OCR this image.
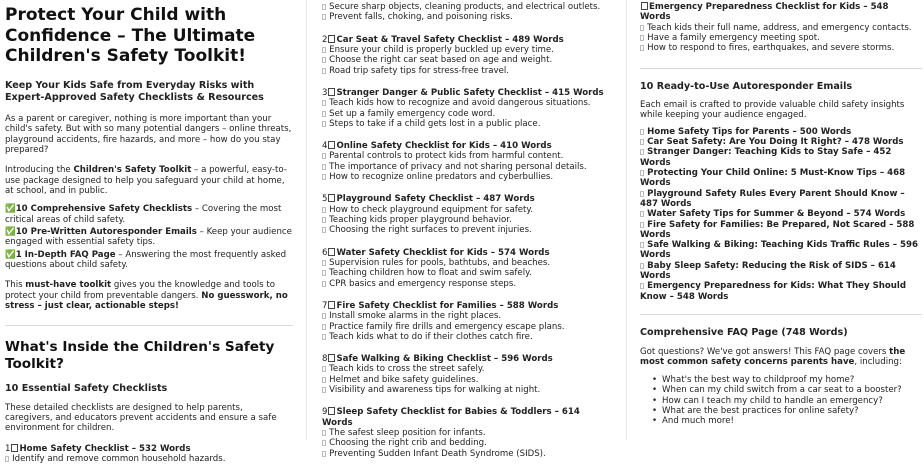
Protect Your Child with Confidence – The Ultimate Children's Safety Toolkit!
Keep Your Kids Safe from Everyday Risks with Expert-Approved Safety Checklists & Resources

As a parent or caregiver, nothing is more important than your child's safety. But with so many potential dangers – online threats, playground accidents, fire hazards, and more – how do you stay prepared?

Introducing the Children's Safety Toolkit – a powerful, easy-to-use package designed to help you safeguard your child at home, at school, and in public.

✅10 Comprehensive Safety Checklists – Covering the most critical areas of child safety.
✅10 Pre-Written Autoresponder Emails – Keep your audience engaged with essential safety tips.
✅1 In-Depth FAQ Page – Answering the most frequently asked questions about child safety.

This must-have toolkit gives you the knowledge and tools to protect your child from preventable dangers. No guesswork, no stress – just clear, actionable steps!

What's Inside the Children's Safety Toolkit?
10 Essential Safety Checklists

These detailed checklists are designed to help parents, caregivers, and educators prevent accidents and ensure a safe environment for children.

1 Home Safety Checklist – 532 Words
▯ Identify and remove common household hazards.
▯ Secure sharp objects, cleaning products, and electrical outlets.
▯ Prevent falls, choking, and poisoning risks.
2 Car Seat & Travel Safety Checklist – 489 Words
▯ Ensure your child is properly buckled up every time.
▯ Choose the right car seat based on age and weight.
▯ Road trip safety tips for stress-free travel.
3 Stranger Danger & Public Safety Checklist – 415 Words
▯ Teach kids how to recognize and avoid dangerous situations.
▯ Set up a family emergency code word.
▯ Steps to take if a child gets lost in a public place.
4 Online Safety Checklist for Kids – 410 Words
▯ Parental controls to protect kids from harmful content.
▯ The importance of privacy and not sharing personal details.
▯ How to recognize online predators and cyberbullies.
5 Playground Safety Checklist – 487 Words
▯ How to check playground equipment for safety.
▯ Teaching kids proper playground behavior.
▯ Choosing the right surfaces to prevent injuries.
6 Water Safety Checklist for Kids – 574 Words
▯ Supervision rules for pools, bathtubs, and beaches.
▯ Teaching children how to float and swim safely.
▯ CPR basics and emergency response steps.
7 Fire Safety Checklist for Families – 588 Words
▯ Install smoke alarms in the right places.
▯ Practice family fire drills and emergency escape plans.
▯ Teach kids what to do if their clothes catch fire.
8 Safe Walking & Biking Checklist – 596 Words
▯ Teach kids to cross the street safely.
▯ Helmet and bike safety guidelines.
▯ Visibility and awareness tips for walking at night.
9 Sleep Safety Checklist for Babies & Toddlers – 614 Words
▯ The safest sleep position for infants.
▯ Choosing the right crib and bedding.
▯ Preventing Sudden Infant Death Syndrome (SIDS).
Emergency Preparedness Checklist for Kids – 548 Words
▯ Teach kids their full name, address, and emergency contacts.
▯ Have a family emergency meeting spot.
▯ How to respond to fires, earthquakes, and severe storms.
10 Ready-to-Use Autoresponder Emails

Each email is crafted to provide valuable child safety insights while keeping your audience engaged.

▯ Home Safety Tips for Parents – 500 Words
▯ Car Seat Safety: Are You Doing It Right? – 478 Words
▯ Stranger Danger: Teaching Kids to Stay Safe – 452 Words
▯ Protecting Your Child Online: 5 Must-Know Tips – 468 Words
▯ Playground Safety Rules Every Parent Should Know – 487 Words
▯ Water Safety Tips for Summer & Beyond – 574 Words
▯ Fire Safety for Families: Be Prepared, Not Scared – 588 Words
▯ Safe Walking & Biking: Teaching Kids Traffic Rules – 596 Words
▯ Baby Sleep Safety: Reducing the Risk of SIDS – 614 Words
▯ Emergency Preparedness for Kids: What They Should Know – 548 Words
Comprehensive FAQ Page (748 Words)

Got questions? We've got answers! This FAQ page covers the most common safety concerns parents have, including:

• What's the best way to childproof my home?
• When can my child switch from a car seat to a booster?
• How can I teach my child to handle an emergency?
• What are the best practices for online safety?
• And much more!
